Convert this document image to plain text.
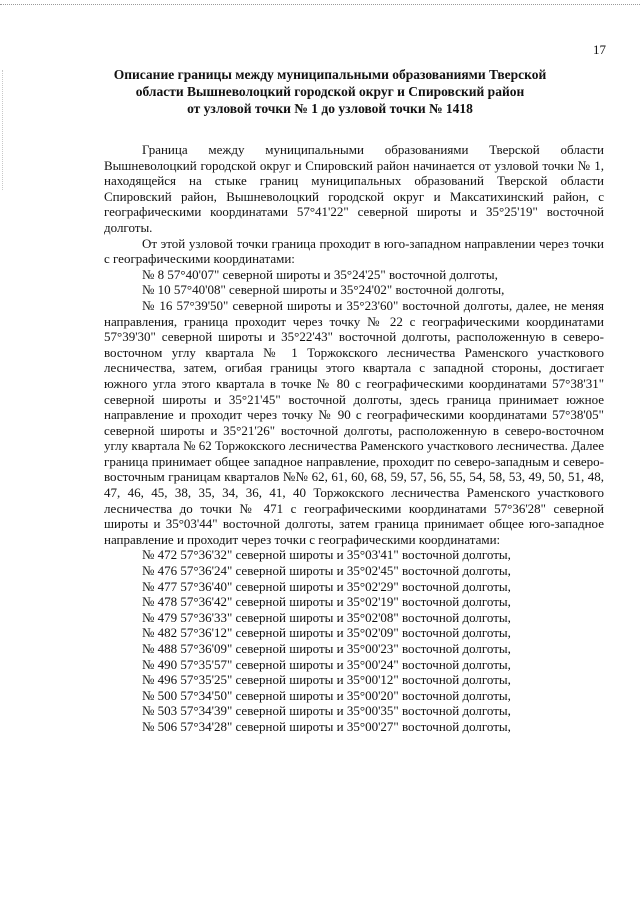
17
Описание границы между муниципальными образованиями Тверской
области Вышневолоцкий городской округ и Спировский район
от узловой точки № 1 до узловой точки № 1418

Граница между муниципальными образованиями Тверской области Вышневолоцкий городской округ и Спировский район начинается от узловой точки № 1, находящейся на стыке границ муниципальных образований Тверской области Спировский район, Вышневолоцкий городской округ и Максатихинский район, с географическими координатами 57°41'22" северной широты и 35°25'19" восточной долготы.

От этой узловой точки граница проходит в юго-западном направлении через точки с географическими координатами:

№ 8 57°40'07" северной широты и 35°24'25" восточной долготы,
№ 10 57°40'08" северной широты и 35°24'02" восточной долготы,

№ 16 57°39'50" северной широты и 35°23'60" восточной долготы, далее, не меняя направления, граница проходит через точку № 22 с географическими координатами 57°39'30" северной широты и 35°22'43" восточной долготы, расположенную в северо-восточном углу квартала № 1 Торжокского лесничества Раменского участкового лесничества, затем, огибая границы этого квартала с западной стороны, достигает южного угла этого квартала в точке № 80 с географическими координатами 57°38'31" северной широты и 35°21'45" восточной долготы, здесь граница принимает южное направление и проходит через точку № 90 с географическими координатами 57°38'05" северной широты и 35°21'26" восточной долготы, расположенную в северо-восточном углу квартала № 62 Торжокского лесничества Раменского участкового лесничества. Далее граница принимает общее западное направление, проходит по северо-западным и северо-восточным границам кварталов №№ 62, 61, 60, 68, 59, 57, 56, 55, 54, 58, 53, 49, 50, 51, 48, 47, 46, 45, 38, 35, 34, 36, 41, 40 Торжокского лесничества Раменского участкового лесничества до точки № 471 с географическими координатами 57°36'28" северной широты и 35°03'44" восточной долготы, затем граница принимает общее юго-западное направление и проходит через точки с географическими координатами:

№ 472 57°36'32" северной широты и 35°03'41" восточной долготы,
№ 476 57°36'24" северной широты и 35°02'45" восточной долготы,
№ 477 57°36'40" северной широты и 35°02'29" восточной долготы,
№ 478 57°36'42" северной широты и 35°02'19" восточной долготы,
№ 479 57°36'33" северной широты и 35°02'08" восточной долготы,
№ 482 57°36'12" северной широты и 35°02'09" восточной долготы,
№ 488 57°36'09" северной широты и 35°00'23" восточной долготы,
№ 490 57°35'57" северной широты и 35°00'24" восточной долготы,
№ 496 57°35'25" северной широты и 35°00'12" восточной долготы,
№ 500 57°34'50" северной широты и 35°00'20" восточной долготы,
№ 503 57°34'39" северной широты и 35°00'35" восточной долготы,
№ 506 57°34'28" северной широты и 35°00'27" восточной долготы,
